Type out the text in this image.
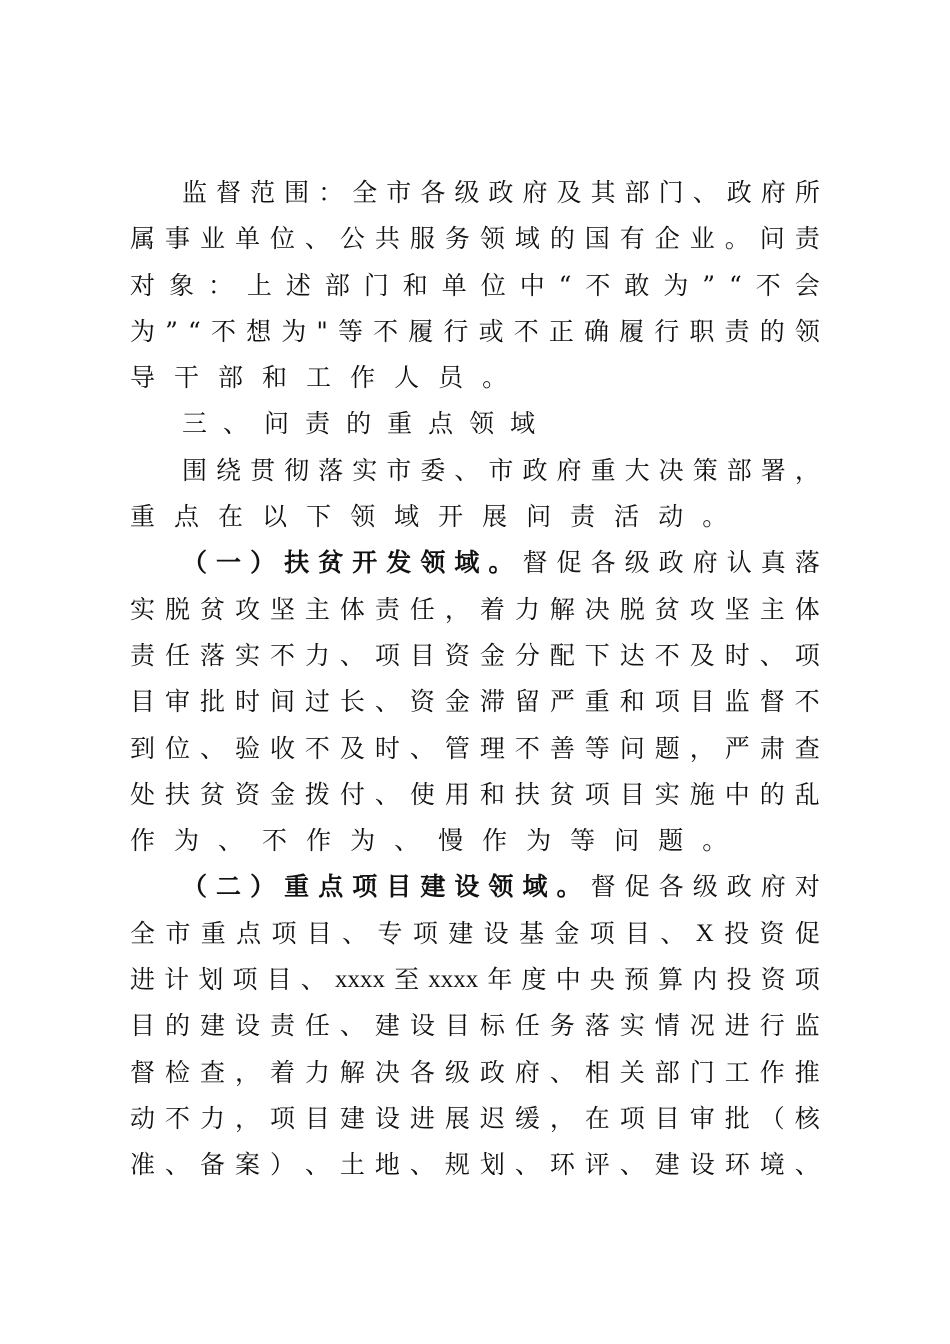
监 督 范 围 ： 全 市 各 级 政 府 及 其 部 门 、 政 府 所
属 事 业 单 位 、 公 共 服 务 领 域 的 国 有 企 业 。 问 责
对 象 ： 上 述 部 门 和 单 位 中 “ 不 敢 为 ” “ 不 会
为 ” “ 不 想 为 " 等 不 履 行 或 不 正 确 履 行 职 责 的 领
导 干 部 和 工 作 人 员 。
三 、 问 责 的 重 点 领 域
围 绕 贯 彻 落 实 市 委 、 市 政 府 重 大 决 策 部 署 ，
重 点 在 以 下 领 域 开 展 问 责 活 动 。
（ 一 ） 扶 贫 开 发 领 域 。 督 促 各 级 政 府 认 真 落
实 脱 贫 攻 坚 主 体 责 任 ， 着 力 解 决 脱 贫 攻 坚 主 体
责 任 落 实 不 力 、 项 目 资 金 分 配 下 达 不 及 时 、 项
目 审 批 时 间 过 长 、 资 金 滞 留 严 重 和 项 目 监 督 不
到 位 、 验 收 不 及 时 、 管 理 不 善 等 问 题 ， 严 肃 查
处 扶 贫 资 金 拨 付 、 使 用 和 扶 贫 项 目 实 施 中 的 乱
作 为 、 不 作 为 、 慢 作 为 等 问 题 。
（ 二 ） 重 点 项 目 建 设 领 域 。 督 促 各 级 政 府 对
全 市 重 点 项 目 、 专 项 建 设 基 金 项 目 、 X 投 资 促
进 计 划 项 目 、 xxxx 至 xxxx 年 度 中 央 预 算 内 投 资 项
目 的 建 设 责 任 、 建 设 目 标 任 务 落 实 情 况 进 行 监
督 检 查 ， 着 力 解 决 各 级 政 府 、 相 关 部 门 工 作 推
动 不 力 ， 项 目 建 设 进 展 迟 缓 ， 在 项 目 审 批 （ 核
准 、 备 案 ） 、 土 地 、 规 划 、 环 评 、 建 设 环 境 、
